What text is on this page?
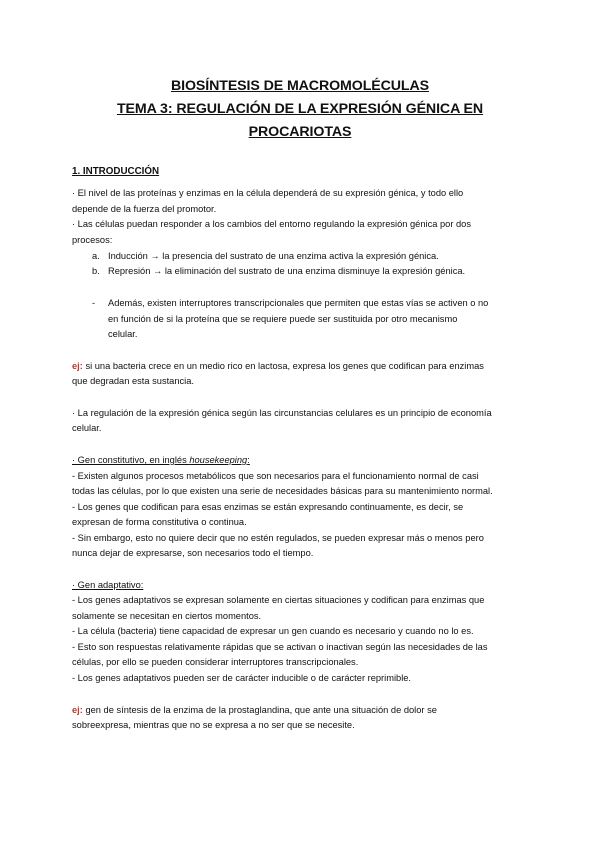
BIOSÍNTESIS DE MACROMOLÉCULAS
TEMA 3: REGULACIÓN DE LA EXPRESIÓN GÉNICA EN
PROCARIOTAS
1. INTRODUCCIÓN
· El nivel de las proteínas y enzimas en la célula dependerá de su expresión génica, y todo ello
depende de la fuerza del promotor.
· Las células puedan responder a los cambios del entorno regulando la expresión génica por dos
procesos:
a. Inducción → la presencia del sustrato de una enzima activa la expresión génica.
b. Represión → la eliminación del sustrato de una enzima disminuye la expresión génica.
- Además, existen interruptores transcripcionales que permiten que estas vías se activen o no
en función de si la proteína que se requiere puede ser sustituida por otro mecanismo
celular.
ej: si una bacteria crece en un medio rico en lactosa, expresa los genes que codifican para enzimas
que degradan esta sustancia.
· La regulación de la expresión génica según las circunstancias celulares es un principio de economía
celular.
· Gen constitutivo, en inglés housekeeping:
- Existen algunos procesos metabólicos que son necesarios para el funcionamiento normal de casi
todas las células, por lo que existen una serie de necesidades básicas para su mantenimiento normal.
- Los genes que codifican para esas enzimas se están expresando continuamente, es decir, se
expresan de forma constitutiva o continua.
- Sin embargo, esto no quiere decir que no estén regulados, se pueden expresar más o menos pero
nunca dejar de expresarse, son necesarios todo el tiempo.
· Gen adaptativo:
- Los genes adaptativos se expresan solamente en ciertas situaciones y codifican para enzimas que
solamente se necesitan en ciertos momentos.
- La célula (bacteria) tiene capacidad de expresar un gen cuando es necesario y cuando no lo es.
- Esto son respuestas relativamente rápidas que se activan o inactivan según las necesidades de las
células, por ello se pueden considerar interruptores transcripcionales.
- Los genes adaptativos pueden ser de carácter inducible o de carácter reprimible.
ej: gen de síntesis de la enzima de la prostaglandina, que ante una situación de dolor se
sobreexpresa, mientras que no se expresa a no ser que se necesite.
